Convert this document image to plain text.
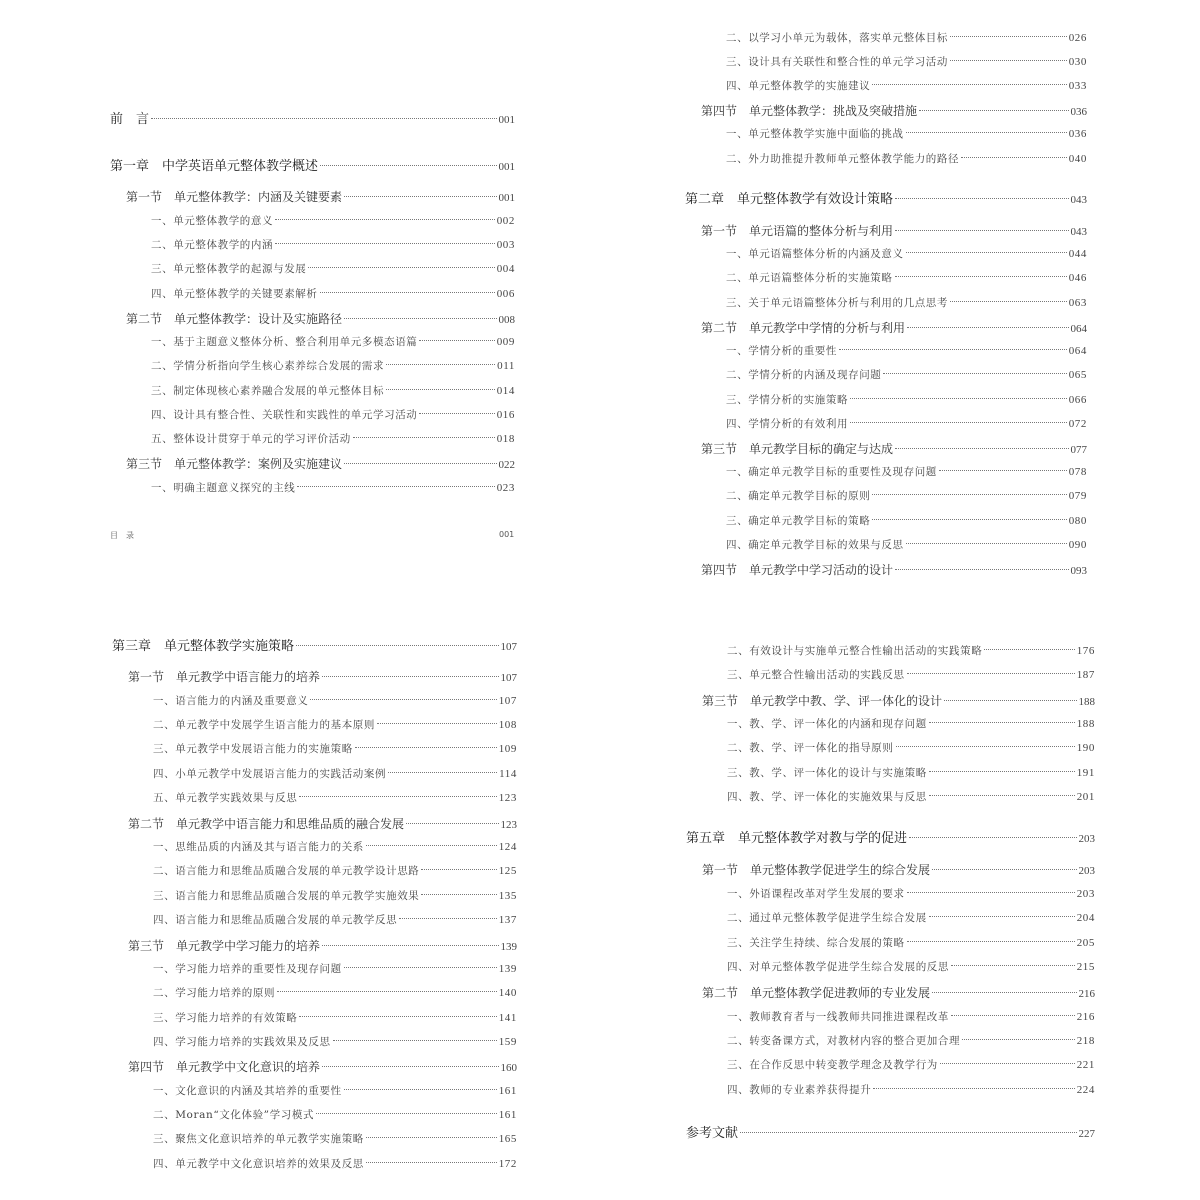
前　言	001
第一章　中学英语单元整体教学概述	001
第一节　单元整体教学：内涵及关键要素	001
一、单元整体教学的意义	002
二、单元整体教学的内涵	003
三、单元整体教学的起源与发展	004
四、单元整体教学的关键要素解析	006
第二节　单元整体教学：设计及实施路径	008
一、基于主题意义整体分析、整合利用单元多模态语篇	009
二、学情分析指向学生核心素养综合发展的需求	011
三、制定体现核心素养融合发展的单元整体目标	014
四、设计具有整合性、关联性和实践性的单元学习活动	016
五、整体设计贯穿于单元的学习评价活动	018
第三节　单元整体教学：案例及实施建议	022
一、明确主题意义探究的主线	023
二、以学习小单元为载体，落实单元整体目标	026
三、设计具有关联性和整合性的单元学习活动	030
四、单元整体教学的实施建议	033
第四节　单元整体教学：挑战及突破措施	036
一、单元整体教学实施中面临的挑战	036
二、外力助推提升教师单元整体教学能力的路径	040
第二章　单元整体教学有效设计策略	043
第一节　单元语篇的整体分析与利用	043
一、单元语篇整体分析的内涵及意义	044
二、单元语篇整体分析的实施策略	046
三、关于单元语篇整体分析与利用的几点思考	063
第二节　单元教学中学情的分析与利用	064
一、学情分析的重要性	064
二、学情分析的内涵及现存问题	065
三、学情分析的实施策略	066
四、学情分析的有效利用	072
第三节　单元教学目标的确定与达成	077
一、确定单元教学目标的重要性及现存问题	078
二、确定单元教学目标的原则	079
三、确定单元教学目标的策略	080
四、确定单元教学目标的效果与反思	090
第四节　单元教学中学习活动的设计	093
第三章　单元整体教学实施策略	107
第一节　单元教学中语言能力的培养	107
一、语言能力的内涵及重要意义	107
二、单元教学中发展学生语言能力的基本原则	108
三、单元教学中发展语言能力的实施策略	109
四、小单元教学中发展语言能力的实践活动案例	114
五、单元教学实践效果与反思	123
第二节　单元教学中语言能力和思维品质的融合发展	123
一、思维品质的内涵及其与语言能力的关系	124
二、语言能力和思维品质融合发展的单元教学设计思路	125
三、语言能力和思维品质融合发展的单元教学实施效果	135
四、语言能力和思维品质融合发展的单元教学反思	137
第三节　单元教学中学习能力的培养	139
一、学习能力培养的重要性及现存问题	139
二、学习能力培养的原则	140
三、学习能力培养的有效策略	141
四、学习能力培养的实践效果及反思	159
第四节　单元教学中文化意识的培养	160
一、文化意识的内涵及其培养的重要性	161
二、Moran“文化体验”学习模式	161
三、聚焦文化意识培养的单元教学实施策略	165
四、单元教学中文化意识培养的效果及反思	172
二、有效设计与实施单元整合性输出活动的实践策略	176
三、单元整合性输出活动的实践反思	187
第三节　单元教学中教、学、评一体化的设计	188
一、教、学、评一体化的内涵和现存问题	188
二、教、学、评一体化的指导原则	190
三、教、学、评一体化的设计与实施策略	191
四、教、学、评一体化的实施效果与反思	201
第五章　单元整体教学对教与学的促进	203
第一节　单元整体教学促进学生的综合发展	203
一、外语课程改革对学生发展的要求	203
二、通过单元整体教学促进学生综合发展	204
三、关注学生持续、综合发展的策略	205
四、对单元整体教学促进学生综合发展的反思	215
第二节　单元整体教学促进教师的专业发展	216
一、教师教育者与一线教师共同推进课程改革	216
二、转变备课方式，对教材内容的整合更加合理	218
三、在合作反思中转变教学理念及教学行为	221
四、教师的专业素养获得提升	224
参考文献	227
目　录	001
